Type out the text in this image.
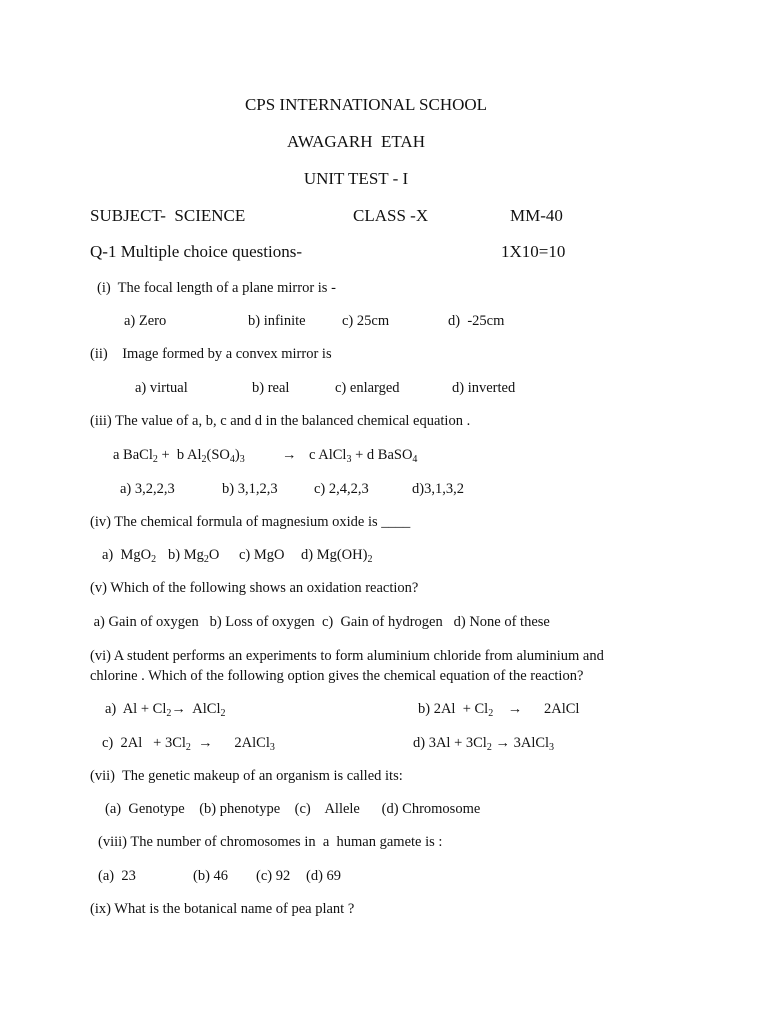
CPS INTERNATIONAL SCHOOL
AWAGARH  ETAH
UNIT TEST - I
SUBJECT-  SCIENCE	CLASS -X	MM-40
Q-1 Multiple choice questions-	1X10=10
(i)  The focal length of a plane mirror is -
a) Zero	b) infinite	c) 25cm	d)  -25cm
(ii)    Image formed by a convex mirror is
a) virtual	b) real	c) enlarged	d) inverted
(iii) The value of a, b, c and d in the balanced chemical equation .
a BaCl$_2$ +  b $Al_2(SO_4)_3$	→ c AlCl$_3$ + d BaSO$_4$
a) 3,2,2,3	b) 3,1,2,3	c) 2,4,2,3	d)3,1,3,2
(iv) The chemical formula of magnesium oxide is ____
a)  MgO$_2$ b) $Mg_2O$ c) MgO d) $Mg(OH)_2$
(v) Which of the following shows an oxidation reaction?
a) Gain of oxygen   b) Loss of oxygen  c)  Gain of hydrogen   d) None of these
(vi) A student performs an experiments to form aluminium chloride from aluminium and chlorine . Which of the following option gives the chemical equation of the reaction?
a)  $Al + Cl_2\to$  AlCl$_2$	b) $2Al + Cl_2$    →      2AlCl
c)  $2Al + 3Cl_2$  →      2AlCl$_3$	d) $3Al + 3Cl_2$ → 3AlCl$_3$
(vii)  The genetic makeup of an organism is called its:
(a)  Genotype    (b) phenotype    (c)    Allele      (d) Chromosome
(viii) The number of chromosomes in  a  human gamete is :
(a)  23	(b) 46 (c) 92 (d) 69
(ix) What is the botanical name of pea plant ?
